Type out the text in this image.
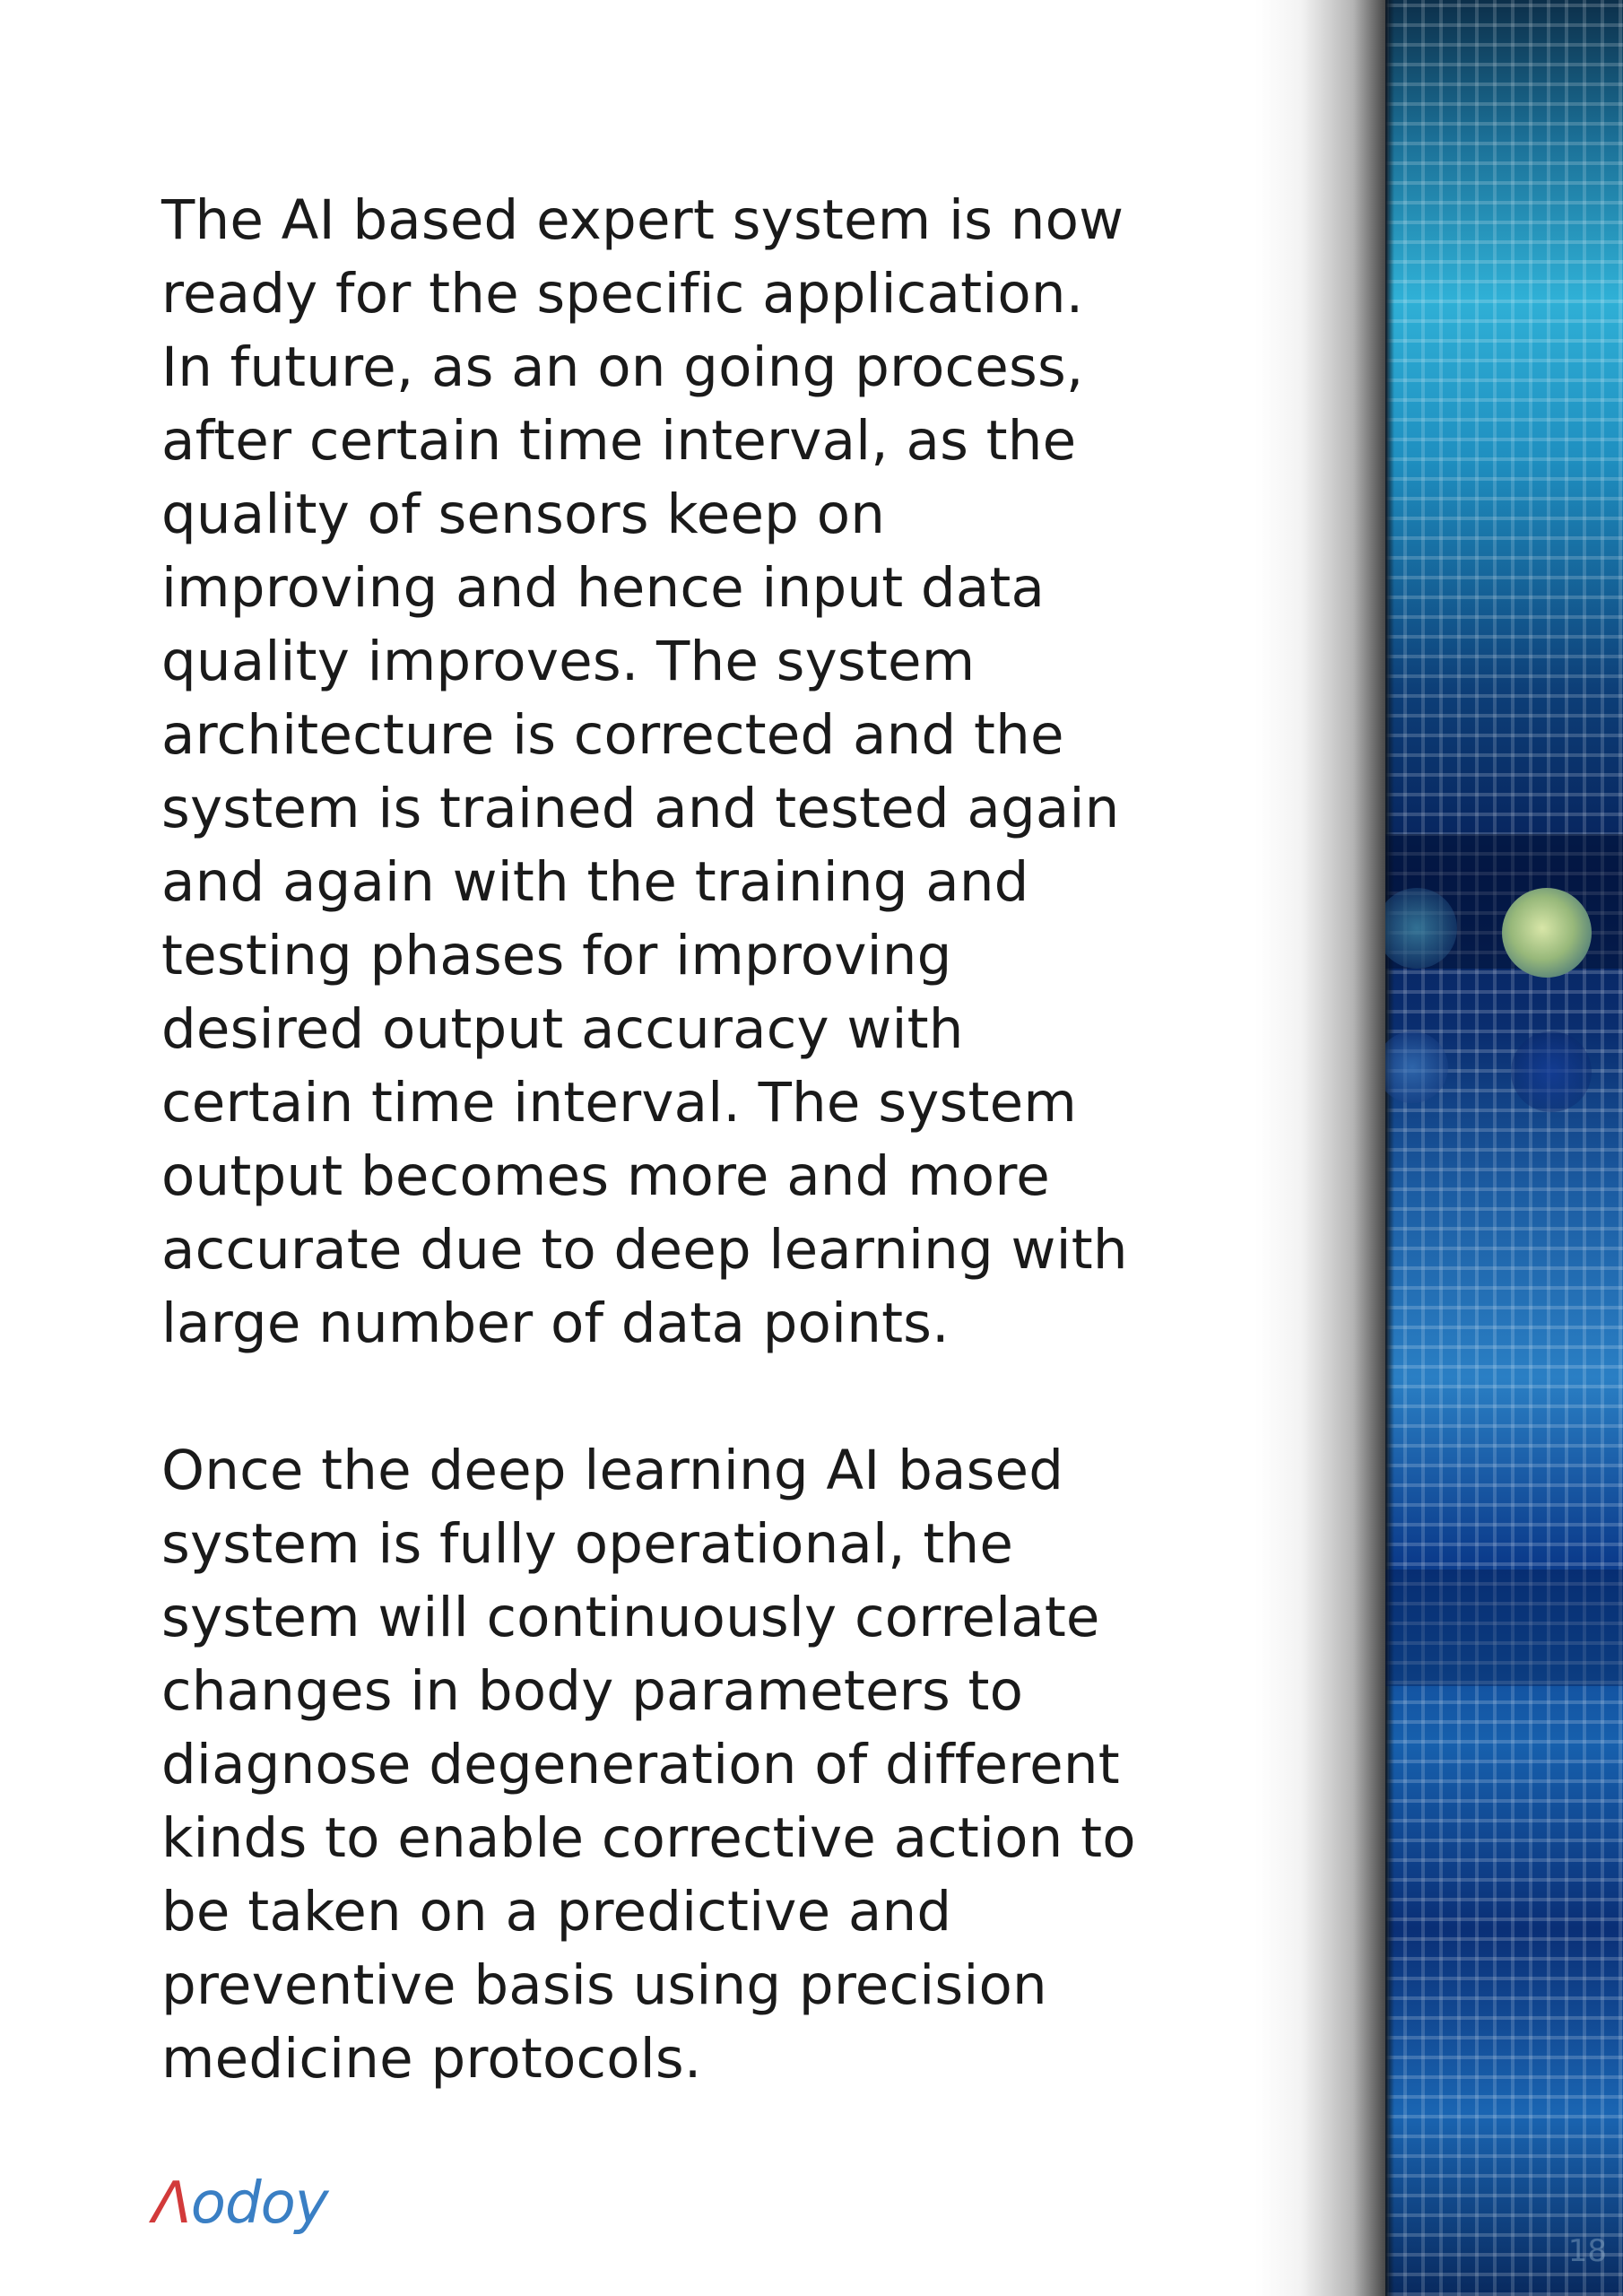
The AI based expert system is now
ready for the specific application.
In future, as an on going process,
after certain time interval, as the
quality of sensors keep on
improving and hence input data
quality improves. The system
architecture is corrected and the
system is trained and tested again
and again with the training and
testing phases for improving
desired output accuracy with
certain time interval. The system
output becomes more and more
accurate due to deep learning with
large number of data points.

Once the deep learning AI based
system is fully operational, the
system will continuously correlate
changes in body parameters to
diagnose degeneration of different
kinds to enable corrective action to
be taken on a predictive and
preventive basis using precision
medicine protocols.

Λodoy
18
